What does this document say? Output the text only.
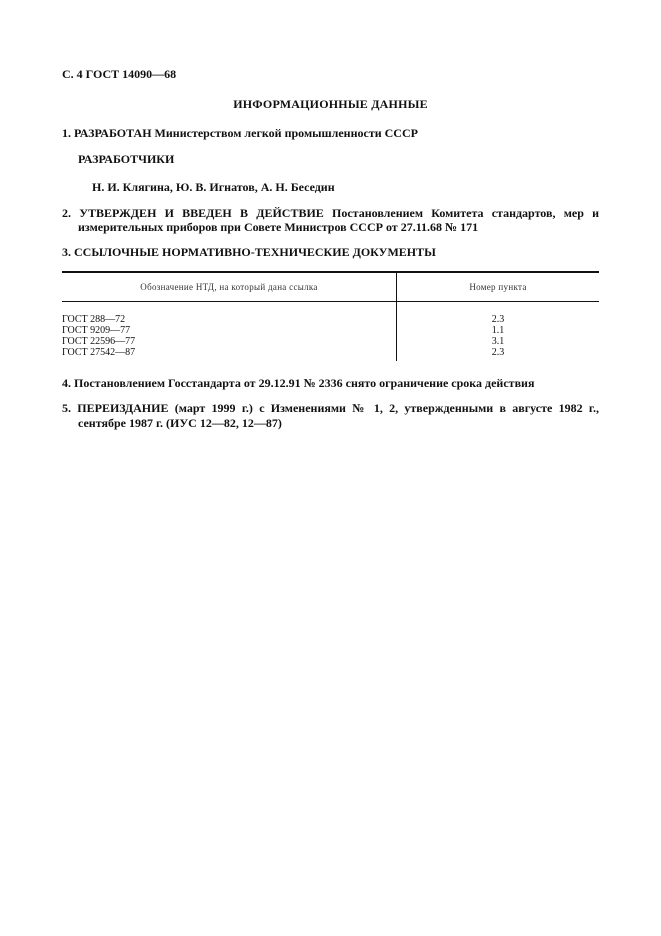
С. 4 ГОСТ 14090—68
ИНФОРМАЦИОННЫЕ ДАННЫЕ
1. РАЗРАБОТАН Министерством легкой промышленности СССР
РАЗРАБОТЧИКИ
Н. И. Клягина, Ю. В. Игнатов, А. Н. Беседин
2. УТВЕРЖДЕН И ВВЕДЕН В ДЕЙСТВИЕ Постановлением Комитета стандартов, мер и
измерительных приборов при Совете Министров СССР от 27.11.68 № 171
3. ССЫЛОЧНЫЕ НОРМАТИВНО-ТЕХНИЧЕСКИЕ ДОКУМЕНТЫ
Обозначение НТД, на который дана ссылка	Номер пункта
ГОСТ 288—72	2.3
ГОСТ 9209—77	1.1
ГОСТ 22596—77	3.1
ГОСТ 27542—87	2.3
4. Постановлением Госстандарта от 29.12.91 № 2336 снято ограничение срока действия
5. ПЕРЕИЗДАНИЕ (март 1999 г.) с Изменениями № 1, 2, утвержденными в августе 1982 г.,
сентябре 1987 г. (ИУС 12—82, 12—87)
